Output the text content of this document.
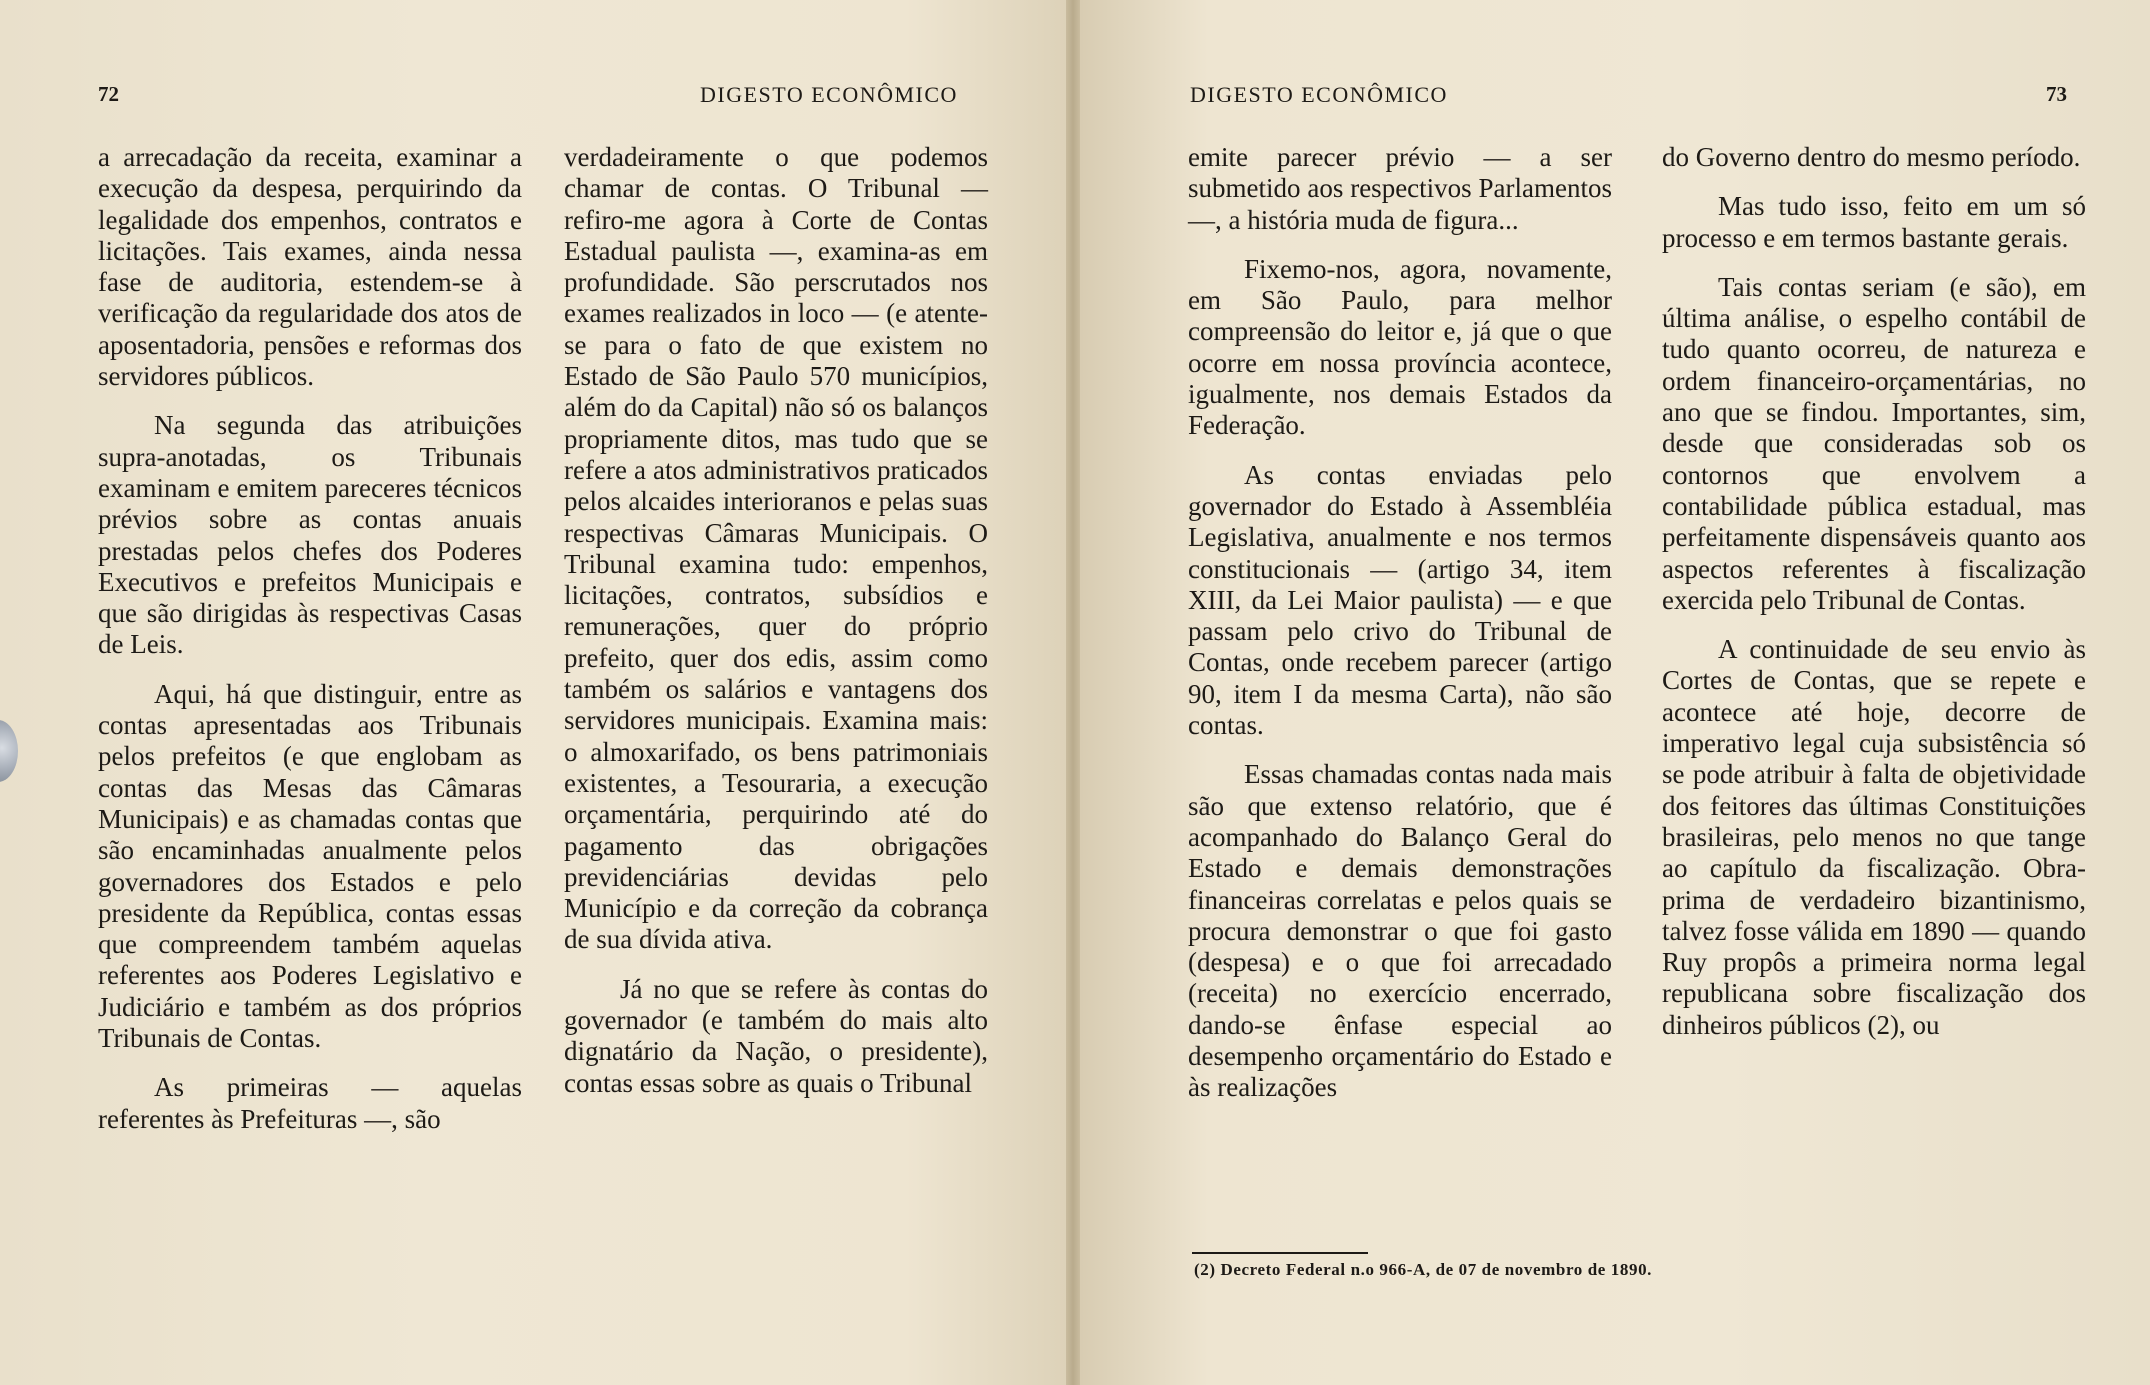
72	DIGESTO ECONÔMICO

a arrecadação da receita, examinar a execução da despesa, perquirindo da legalidade dos empenhos, contratos e licitações. Tais exames, ainda nessa fase de auditoria, estendem-se à verificação da regularidade dos atos de aposentadoria, pensões e reformas dos servidores públicos.

Na segunda das atribuições supra-anotadas, os Tribunais examinam e emitem pareceres técnicos prévios sobre as contas anuais prestadas pelos chefes dos Poderes Executivos e prefeitos Municipais e que são dirigidas às respectivas Casas de Leis.

Aqui, há que distinguir, entre as contas apresentadas aos Tribunais pelos prefeitos (e que englobam as contas das Mesas das Câmaras Municipais) e as chamadas contas que são encaminhadas anualmente pelos governadores dos Estados e pelo presidente da República, contas essas que compreendem também aquelas referentes aos Poderes Legislativo e Judiciário e também as dos próprios Tribunais de Contas.

As primeiras — aquelas referentes às Prefeituras —, são

verdadeiramente o que podemos chamar de contas. O Tribunal — refiro-me agora à Corte de Contas Estadual paulista —, examina-as em profundidade. São perscrutados nos exames realizados in loco — (e atente-se para o fato de que existem no Estado de São Paulo 570 municípios, além do da Capital) não só os balanços propriamente ditos, mas tudo que se refere a atos administrativos praticados pelos alcaides interioranos e pelas suas respectivas Câmaras Municipais. O Tribunal examina tudo: empenhos, licitações, contratos, subsídios e remunerações, quer do próprio prefeito, quer dos edis, assim como também os salários e vantagens dos servidores municipais. Examina mais: o almoxarifado, os bens patrimoniais existentes, a Tesouraria, a execução orçamentária, perquirindo até do pagamento das obrigações previdenciárias devidas pelo Município e da correção da cobrança de sua dívida ativa.

Já no que se refere às contas do governador (e também do mais alto dignatário da Nação, o presidente), contas essas sobre as quais o Tribunal

DIGESTO ECONÔMICO	73

emite parecer prévio — a ser submetido aos respectivos Parlamentos —, a história muda de figura...

Fixemo-nos, agora, novamente, em São Paulo, para melhor compreensão do leitor e, já que o que ocorre em nossa província acontece, igualmente, nos demais Estados da Federação.

As contas enviadas pelo governador do Estado à Assembléia Legislativa, anualmente e nos termos constitucionais — (artigo 34, item XIII, da Lei Maior paulista) — e que passam pelo crivo do Tribunal de Contas, onde recebem parecer (artigo 90, item I da mesma Carta), não são contas.

Essas chamadas contas nada mais são que extenso relatório, que é acompanhado do Balanço Geral do Estado e demais demonstrações financeiras correlatas e pelos quais se procura demonstrar o que foi gasto (despesa) e o que foi arrecadado (receita) no exercício encerrado, dando-se ênfase especial ao desempenho orçamentário do Estado e às realizações

do Governo dentro do mesmo período.

Mas tudo isso, feito em um só processo e em termos bastante gerais.

Tais contas seriam (e são), em última análise, o espelho contábil de tudo quanto ocorreu, de natureza e ordem financeiro-orçamentárias, no ano que se findou. Importantes, sim, desde que consideradas sob os contornos que envolvem a contabilidade pública estadual, mas perfeitamente dispensáveis quanto aos aspectos referentes à fiscalização exercida pelo Tribunal de Contas.

A continuidade de seu envio às Cortes de Contas, que se repete e acontece até hoje, decorre de imperativo legal cuja subsistência só se pode atribuir à falta de objetividade dos feitores das últimas Constituições brasileiras, pelo menos no que tange ao capítulo da fiscalização. Obra-prima de verdadeiro bizantinismo, talvez fosse válida em 1890 — quando Ruy propôs a primeira norma legal republicana sobre fiscalização dos dinheiros públicos (2), ou

(2) Decreto Federal n.o 966-A, de 07 de novembro de 1890.
